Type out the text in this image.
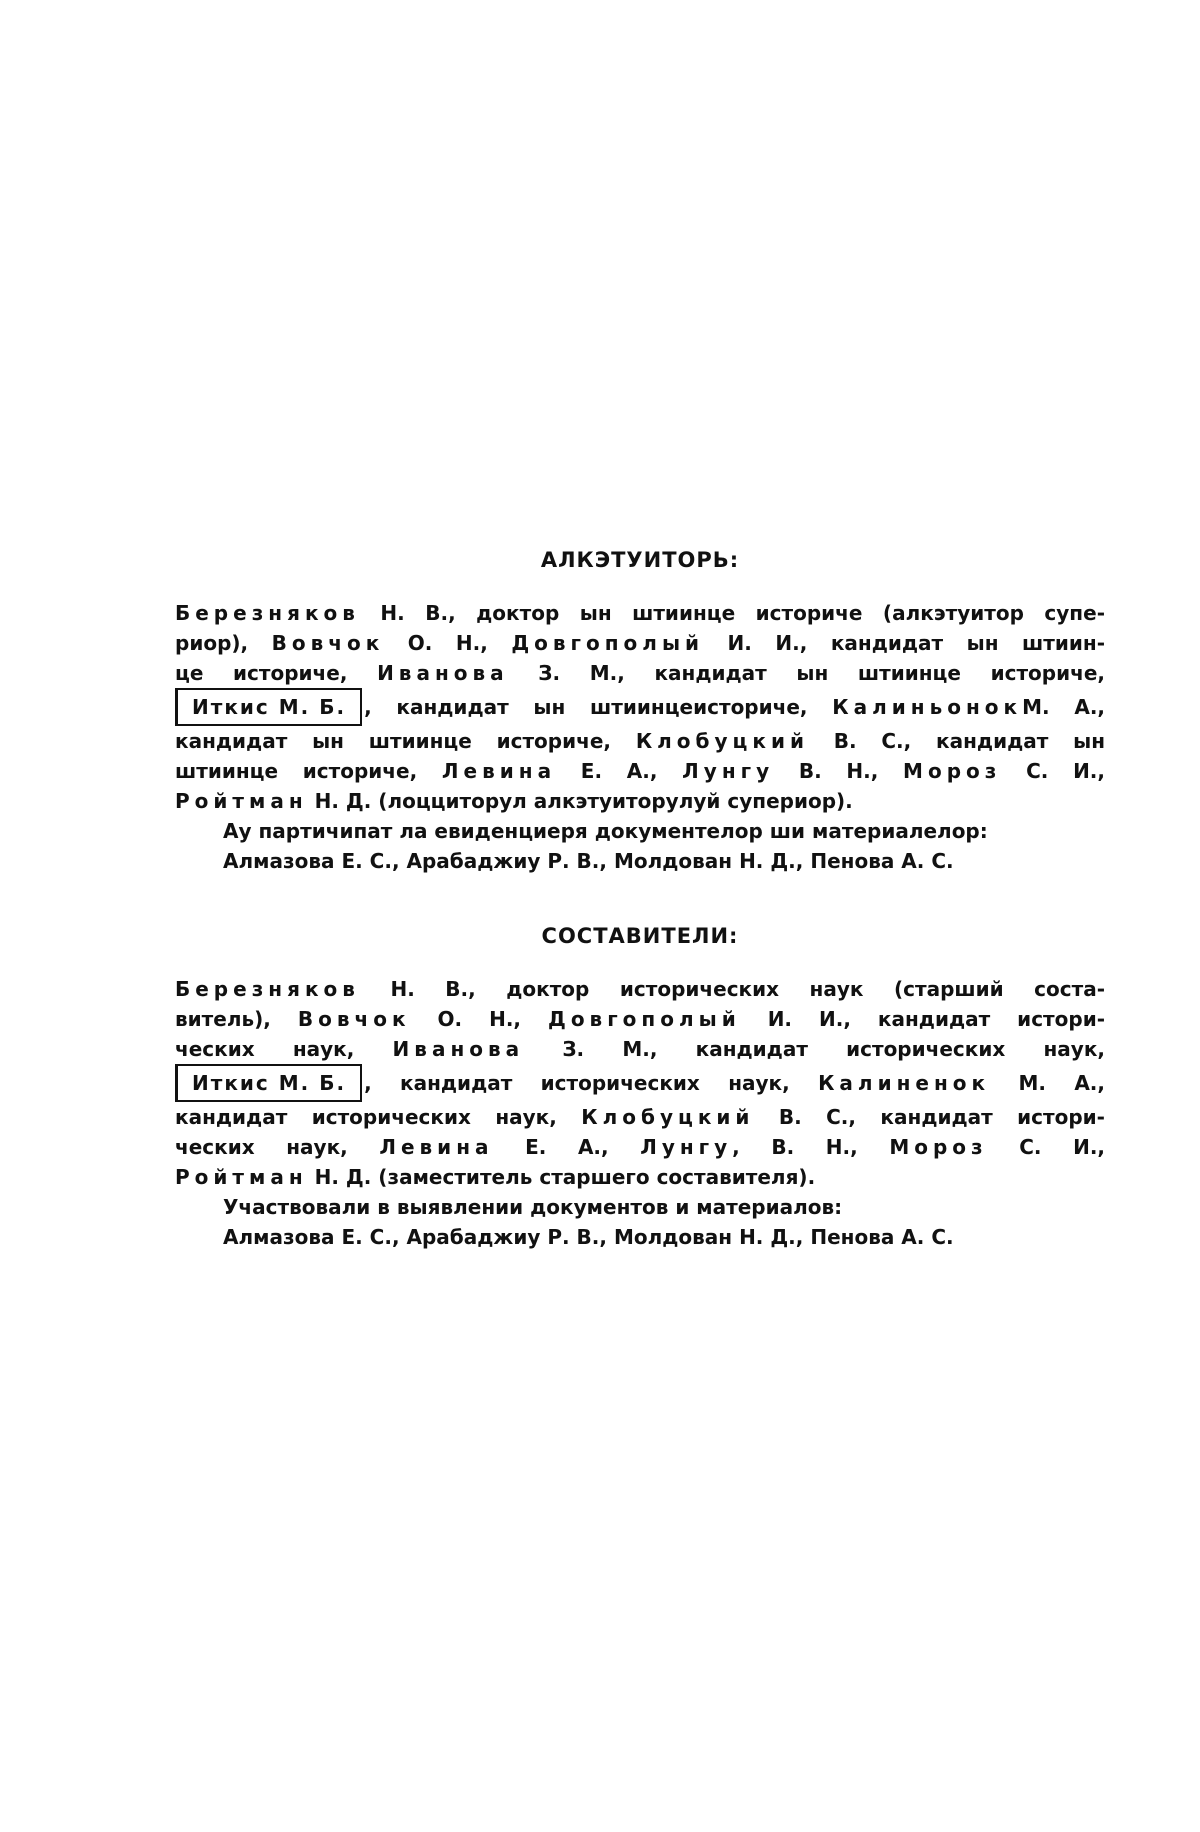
АЛКЭТУИТОРЬ:
Березняков Н. В., доктор ын штиинце историче (алкэтуитор супе-
риор), Вовчок О. Н., Довгополый И. И., кандидат ын штиин-
це историче, Иванова З. М., кандидат ын штиинце историче,
Иткис М. Б. , кандидат ын штиинцеисториче, КалиньонокМ. А.,
кандидат ын штиинце историче, Клобуцкий В. С., кандидат ын
штиинце историче, Левина Е. А., Лунгу В. Н., Мороз С. И.,
Ройтман Н. Д. (лоцциторул алкэтуиторулуй супериор).
Ау партичипат ла евиденциеря документелор ши материалелор:
Алмазова Е. С., Арабаджиу Р. В., Молдован Н. Д., Пенова А. С.
СОСТАВИТЕЛИ:
Березняков Н. В., доктор исторических наук (старший соста-
витель), Вовчок О. Н., Довгополый И. И., кандидат истори-
ческих наук, Иванова З. М., кандидат исторических наук,
Иткис М. Б. , кандидат исторических наук, Калиненок М. А.,
кандидат исторических наук, Клобуцкий В. С., кандидат истори-
ческих наук, Левина Е. А., Лунгу, В. Н., Мороз С. И.,
Ройтман Н. Д. (заместитель старшего составителя).
Участвовали в выявлении документов и материалов:
Алмазова Е. С., Арабаджиу Р. В., Молдован Н. Д., Пенова А. С.
